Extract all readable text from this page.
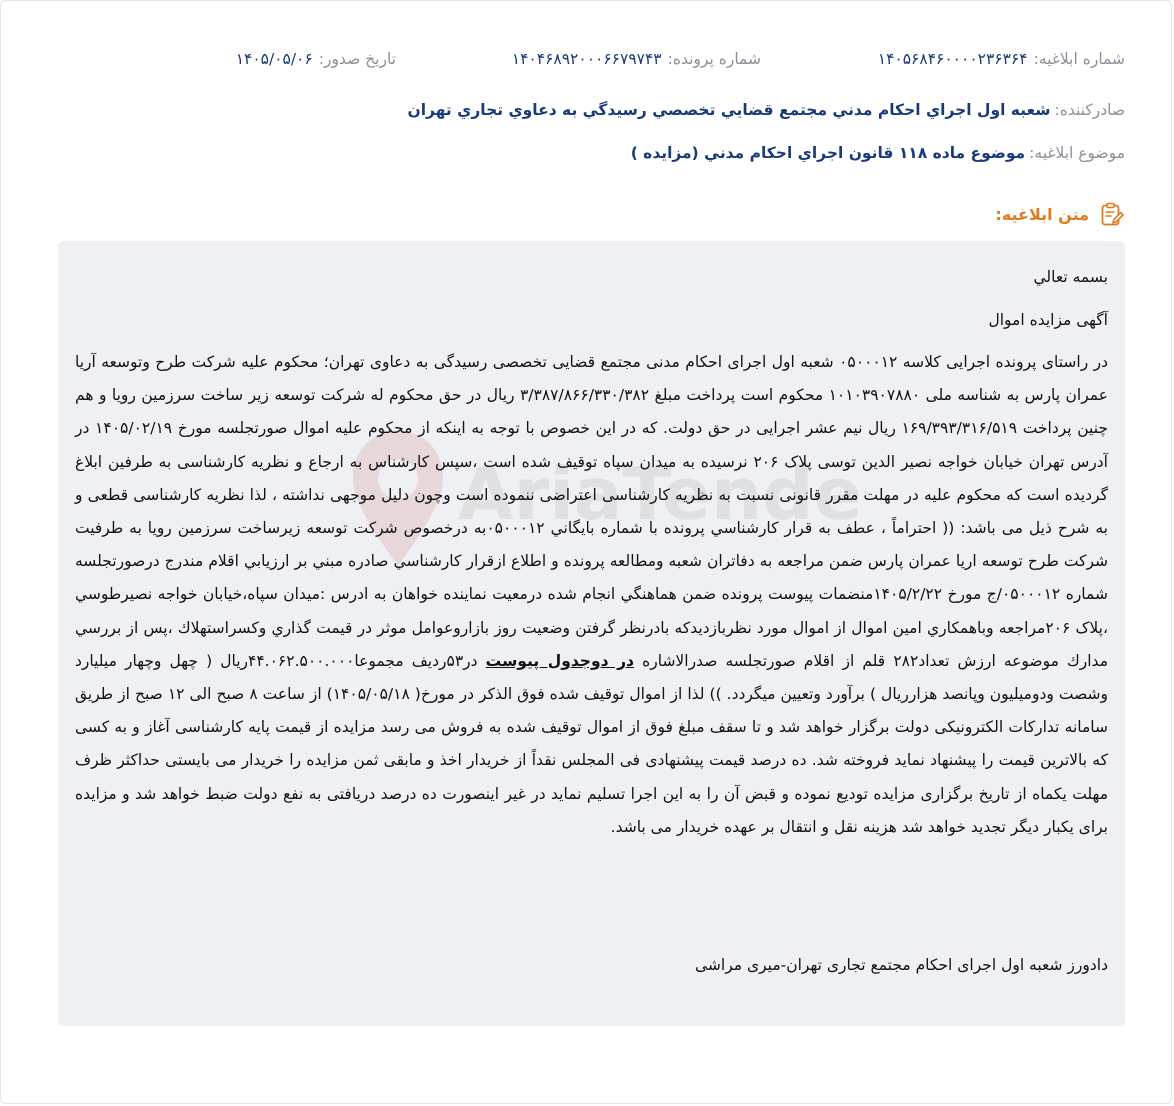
شماره ابلاغيه:
۱۴۰۵۶۸۴۶۰۰۰۰۲۳۶۳۶۴
شماره پرونده:
۱۴۰۴۶۸۹۲۰۰۰۶۶۷۹۷۴۳
تاريخ صدور:
۱۴۰۵/۰۵/۰۶
صادرکننده:
شعبه اول اجراي احکام مدني مجتمع قضايي تخصصي رسيدگي به دعاوي تجاري تهران
موضوع ابلاغيه:
موضوع ماده ۱۱۸ قانون اجراي احکام مدني (مزايده )
متن ابلاغيه:
AriaTende

بسمه تعالي

آگهی مزایده اموال

در راستای پرونده اجرایی کلاسه ۰۵۰۰۰۱۲ شعبه اول اجرای احکام مدنی مجتمع قضایی تخصصی رسیدگی به دعاوی تهران؛ محکوم علیه شرکت طرح وتوسعه آریا عمران پارس به شناسه ملی ۱۰۱۰۳۹۰۷۸۸۰ محکوم است پرداخت مبلغ ۳/۳۸۷/۸۶۶/۳۳۰/۳۸۲ ریال در حق محکوم له شرکت توسعه زیر ساخت سرزمین رویا و هم چنین پرداخت ۱۶۹/۳۹۳/۳۱۶/۵۱۹ ریال نیم عشر اجرایی در حق دولت. که در این خصوص با توجه به اینکه از محکوم علیه اموال صورتجلسه مورخ ۱۴۰۵/۰۲/۱۹ در آدرس تهران خیابان خواجه نصیر الدین توسی پلاک ۲۰۶ نرسیده به میدان سپاه توقیف شده است ،سپس کارشناس به ارجاع و نظریه کارشناسی به طرفین ابلاغ گردیده است که محکوم علیه در مهلت مقرر قانونی نسبت به نظریه کارشناسی اعتراضی ننموده است وچون دلیل موجهی نداشته ، لذا نظریه کارشناسی قطعی و به شرح ذیل می باشد: (( احتراماً ، عطف به قرار کارشناسي پرونده با شماره بايگاني ۰۵۰۰۰۱۲به درخصوص شرکت توسعه زیرساخت سرزمین رویا به طرفیت شرکت طرح توسعه اریا عمران پارس ضمن مراجعه به دفاتران شعبه ومطالعه پرونده و اطلاع ازقرار کارشناسي صادره مبني بر ارزيابي اقلام مندرج درصورتجلسه شماره ۰۵۰۰۰۱۲/ج مورخ ۱۴۰۵/۲/۲۲منضمات پیوست پرونده ضمن هماهنگي انجام شده درمعیت نماینده خواهان به ادرس :میدان سپاه،خیابان خواجه نصیرطوسي ،پلاک ۲۰۶مراجعه وباهمکاري امین اموال از اموال مورد نظربازدیدکه بادرنظر گرفتن وضعیت روز بازاروعوامل موثر در قیمت گذاري وکسراستهلاك ،پس از بررسي مدارك موضوعه ارزش تعداد۲۸۲ قلم از اقلام صورتجلسه صدرالاشاره در دوجدول پیوست در۵۳ردیف مجموعا۴۴.۰۶۲.۵۰۰.۰۰۰ریال ( چهل وچهار میلیارد وشصت ودومیلیون وپانصد هزارریال ) برآورد وتعیین میگردد. )) لذا از اموال توقیف شده فوق الذکر در مورخ( ۱۴۰۵/۰۵/۱۸) از ساعت ۸ صبح الی ۱۲ صبح از طریق سامانه تدارکات الکترونیکی دولت برگزار خواهد شد و تا سقف مبلغ فوق از اموال توقیف شده به فروش می رسد مزایده از قیمت پایه کارشناسی آغاز و به کسی که بالاترین قیمت را پیشنهاد نماید فروخته شد. ده درصد قیمت پیشنهادی فی المجلس نقداً از خریدار اخذ و مابقی ثمن مزایده را خریدار می بایستی حداکثر ظرف مهلت یکماه از تاریخ برگزاری مزایده تودیع نموده و قبض آن را به این اجرا تسلیم نماید در غیر اینصورت ده درصد دریافتی به نفع دولت ضبط خواهد شد و مزایده برای یکبار دیگر تجدید خواهد شد هزینه نقل و انتقال بر عهده خریدار می باشد.

دادورز شعبه اول اجرای احکام مجتمع تجاری تهران-میری مراشی
